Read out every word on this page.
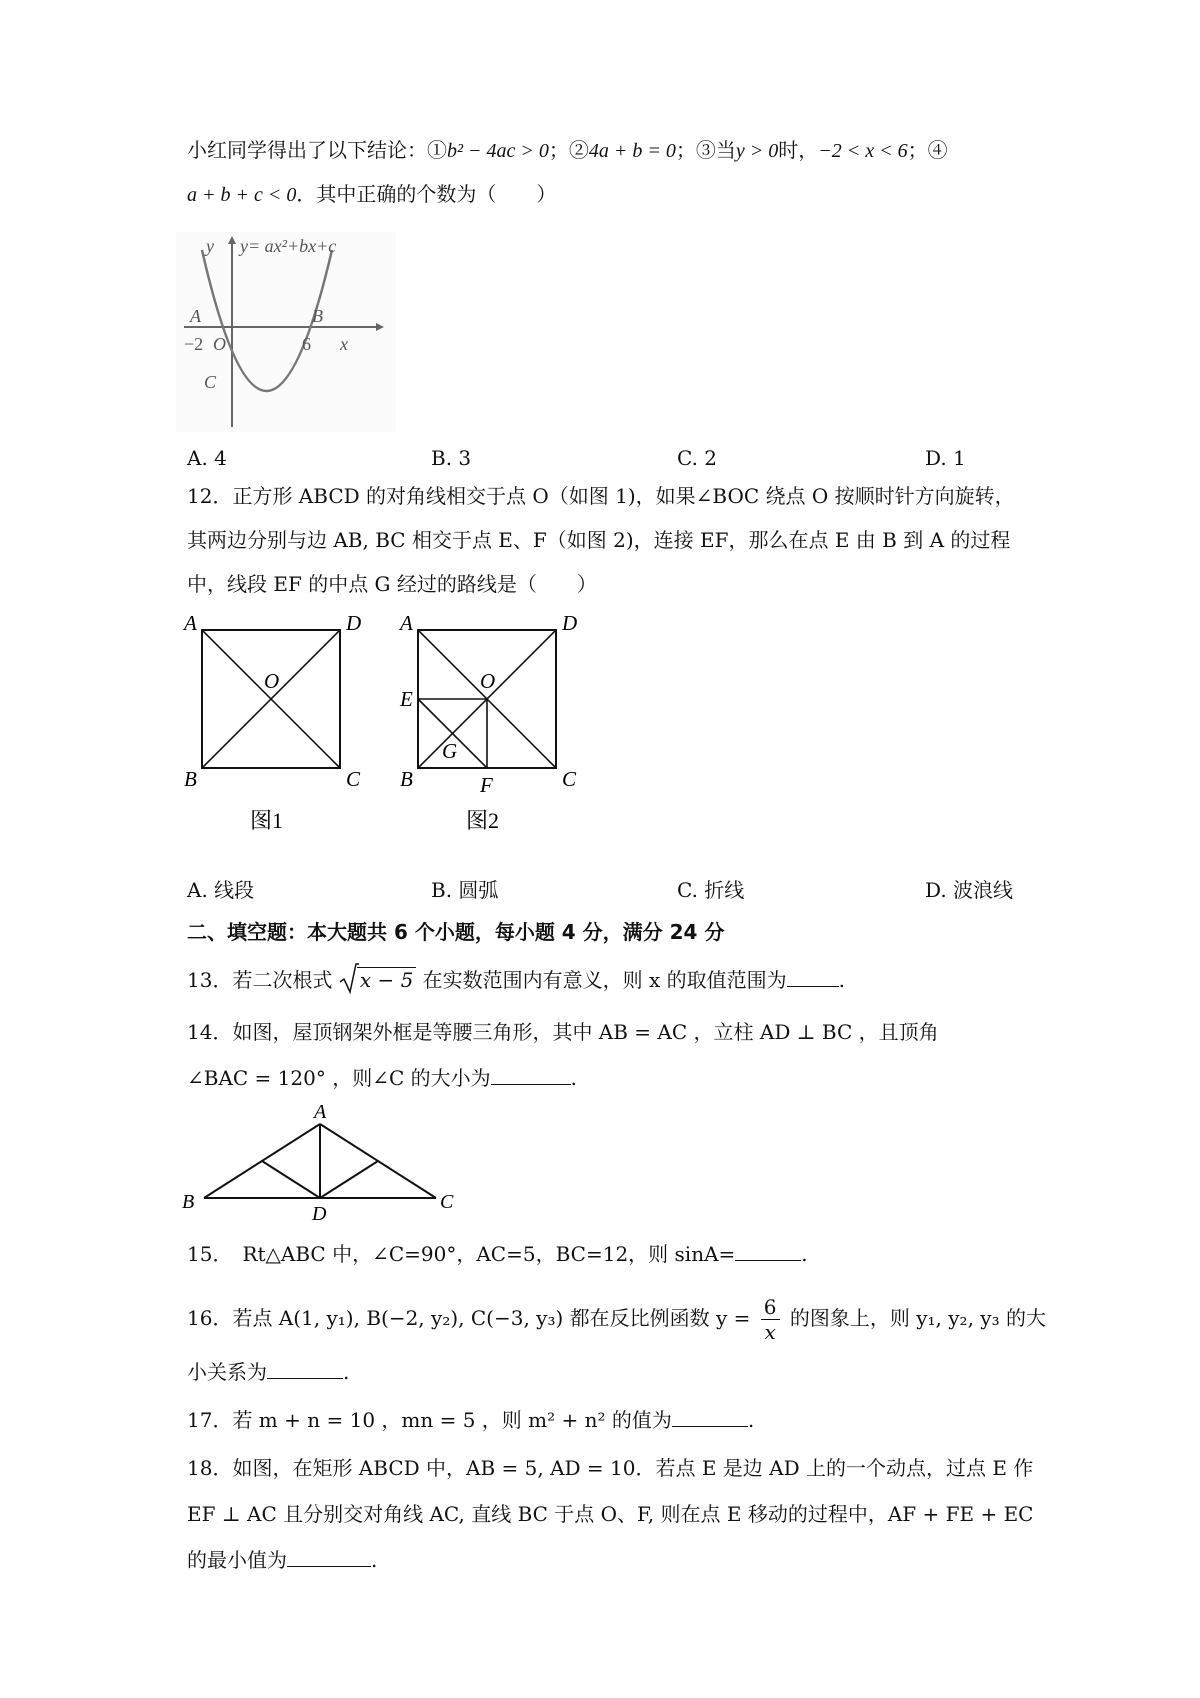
小红同学得出了以下结论：①b² − 4ac > 0；②4a + b = 0；③当y > 0时，−2 < x < 6；④
a + b + c < 0．其中正确的个数为（　　）
y y= ax²+bx+c
A
−2 O
B
6 x
C
A. 4	B. 3	C. 2	D. 1
12．正方形 ABCD 的对角线相交于点 O（如图 1)，如果∠BOC 绕点 O 按顺时针方向旋转，
其两边分别与边 AB, BC 相交于点 E、F（如图 2)，连接 EF，那么在点 E 由 B 到 A 的过程
中，线段 EF 的中点 G 经过的路线是（　　）
A	D
B	C
O
图1
A	D
B	C
O
E
F
G
图2
A. 线段	B. 圆弧	C. 折线	D. 波浪线
二、填空题：本大题共 6 个小题，每小题 4 分，满分 24 分
13．若二次根式 x − 5 在实数范围内有意义，则 x 的取值范围为	.
14．如图，屋顶钢架外框是等腰三角形，其中 AB = AC ，立柱 AD ⊥ BC ，且顶角
∠BAC = 120° ，则∠C 的大小为	.
A
B	C
D
15．　Rt△ABC 中，∠C=90°，AC=5，BC=12，则 sinA=	.
16．若点 A(1, y₁), B(−2, y₂), C(−3, y₃) 都在反比例函数 $y = \frac{6}{x}$ 的图象上，则 y₁, y₂, y₃ 的大
小关系为	.
17．若 m + n = 10 ，mn = 5 ，则 m² + n² 的值为	.
18．如图，在矩形 ABCD 中，AB = 5, AD = 10．若点 E 是边 AD 上的一个动点，过点 E 作
EF ⊥ AC 且分别交对角线 AC, 直线 BC 于点 O、F, 则在点 E 移动的过程中，AF + FE + EC
的最小值为	.
